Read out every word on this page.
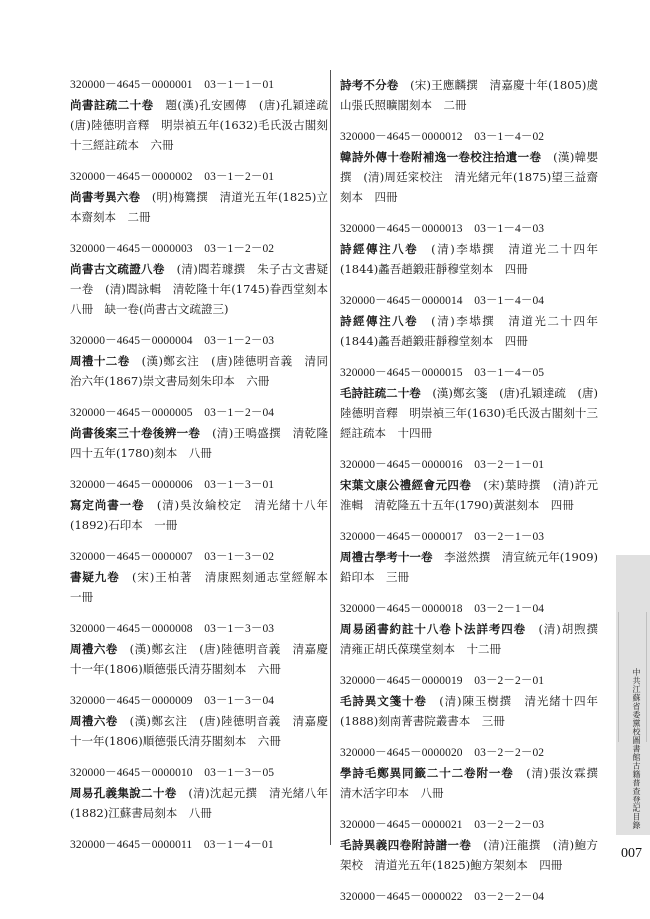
320000－4645－0000001　03－1－1－01

尚書註疏二十卷　題(漢)孔安國傳　(唐)孔穎達疏　(唐)陸德明音釋　明崇禎五年(1632)毛氏汲古閣刻十三經註疏本　六冊

320000－4645－0000002　03－1－2－01

尚書考異六卷　(明)梅鷟撰　清道光五年(1825)立本齋刻本　二冊

320000－4645－0000003　03－1－2－02

尚書古文疏證八卷　(清)閻若璩撰　朱子古文書疑一卷　(清)閻詠輯　清乾隆十年(1745)眷西堂刻本　八冊　缺一卷(尚書古文疏證三)

320000－4645－0000004　03－1－2－03

周禮十二卷　(漢)鄭玄注　(唐)陸德明音義　清同治六年(1867)崇文書局刻朱印本　六冊

320000－4645－0000005　03－1－2－04

尚書後案三十卷後辨一卷　(清)王鳴盛撰　清乾隆四十五年(1780)刻本　八冊

320000－4645－0000006　03－1－3－01

寫定尚書一卷　(清)吳汝綸校定　清光緒十八年(1892)石印本　一冊

320000－4645－0000007　03－1－3－02

書疑九卷　(宋)王柏著　清康熙刻通志堂經解本　一冊

320000－4645－0000008　03－1－3－03

周禮六卷　(漢)鄭玄注　(唐)陸德明音義　清嘉慶十一年(1806)順德張氏清芬閣刻本　六冊

320000－4645－0000009　03－1－3－04

周禮六卷　(漢)鄭玄注　(唐)陸德明音義　清嘉慶十一年(1806)順德張氏清芬閣刻本　六冊

320000－4645－0000010　03－1－3－05

周易孔義集說二十卷　(清)沈起元撰　清光緒八年(1882)江蘇書局刻本　八冊

320000－4645－0000011　03－1－4－01

詩考不分卷　(宋)王應麟撰　清嘉慶十年(1805)虞山張氏照曠閣刻本　二冊

320000－4645－0000012　03－1－4－02

韓詩外傳十卷附補逸一卷校注拾遺一卷　(漢)韓嬰撰　(清)周廷寀校注　清光緒元年(1875)望三益齋刻本　四冊

320000－4645－0000013　03－1－4－03

詩經傳注八卷　(清)李塨撰　清道光二十四年(1844)蠡吾趙鍛莊靜穆堂刻本　四冊

320000－4645－0000014　03－1－4－04

詩經傳注八卷　(清)李塨撰　清道光二十四年(1844)蠡吾趙鍛莊靜穆堂刻本　四冊

320000－4645－0000015　03－1－4－05

毛詩註疏二十卷　(漢)鄭玄箋　(唐)孔穎達疏　(唐)陸德明音釋　明崇禎三年(1630)毛氏汲古閣刻十三經註疏本　十四冊

320000－4645－0000016　03－2－1－01

宋葉文康公禮經會元四卷　(宋)葉時撰　(清)許元淮輯　清乾隆五十五年(1790)黃湛刻本　四冊

320000－4645－0000017　03－2－1－03

周禮古學考十一卷　李滋然撰　清宣統元年(1909)鉛印本　三冊

320000－4645－0000018　03－2－1－04

周易函書約註十八卷卜法詳考四卷　(清)胡煦撰　清雍正胡氏葆璞堂刻本　十二冊

320000－4645－0000019　03－2－2－01

毛詩異文箋十卷　(清)陳玉樹撰　清光緒十四年(1888)刻南菁書院叢書本　三冊

320000－4645－0000020　03－2－2－02

學詩毛鄭異同籤二十二卷附一卷　(清)張汝霖撰　清木活字印本　八冊

320000－4645－0000021　03－2－2－03

毛詩異義四卷附詩譜一卷　(清)汪龍撰　(清)鮑方架校　清道光五年(1825)鮑方架刻本　四冊

320000－4645－0000022　03－2－2－04
中共江蘇省委黨校圖書館古籍普查登記目錄
007
